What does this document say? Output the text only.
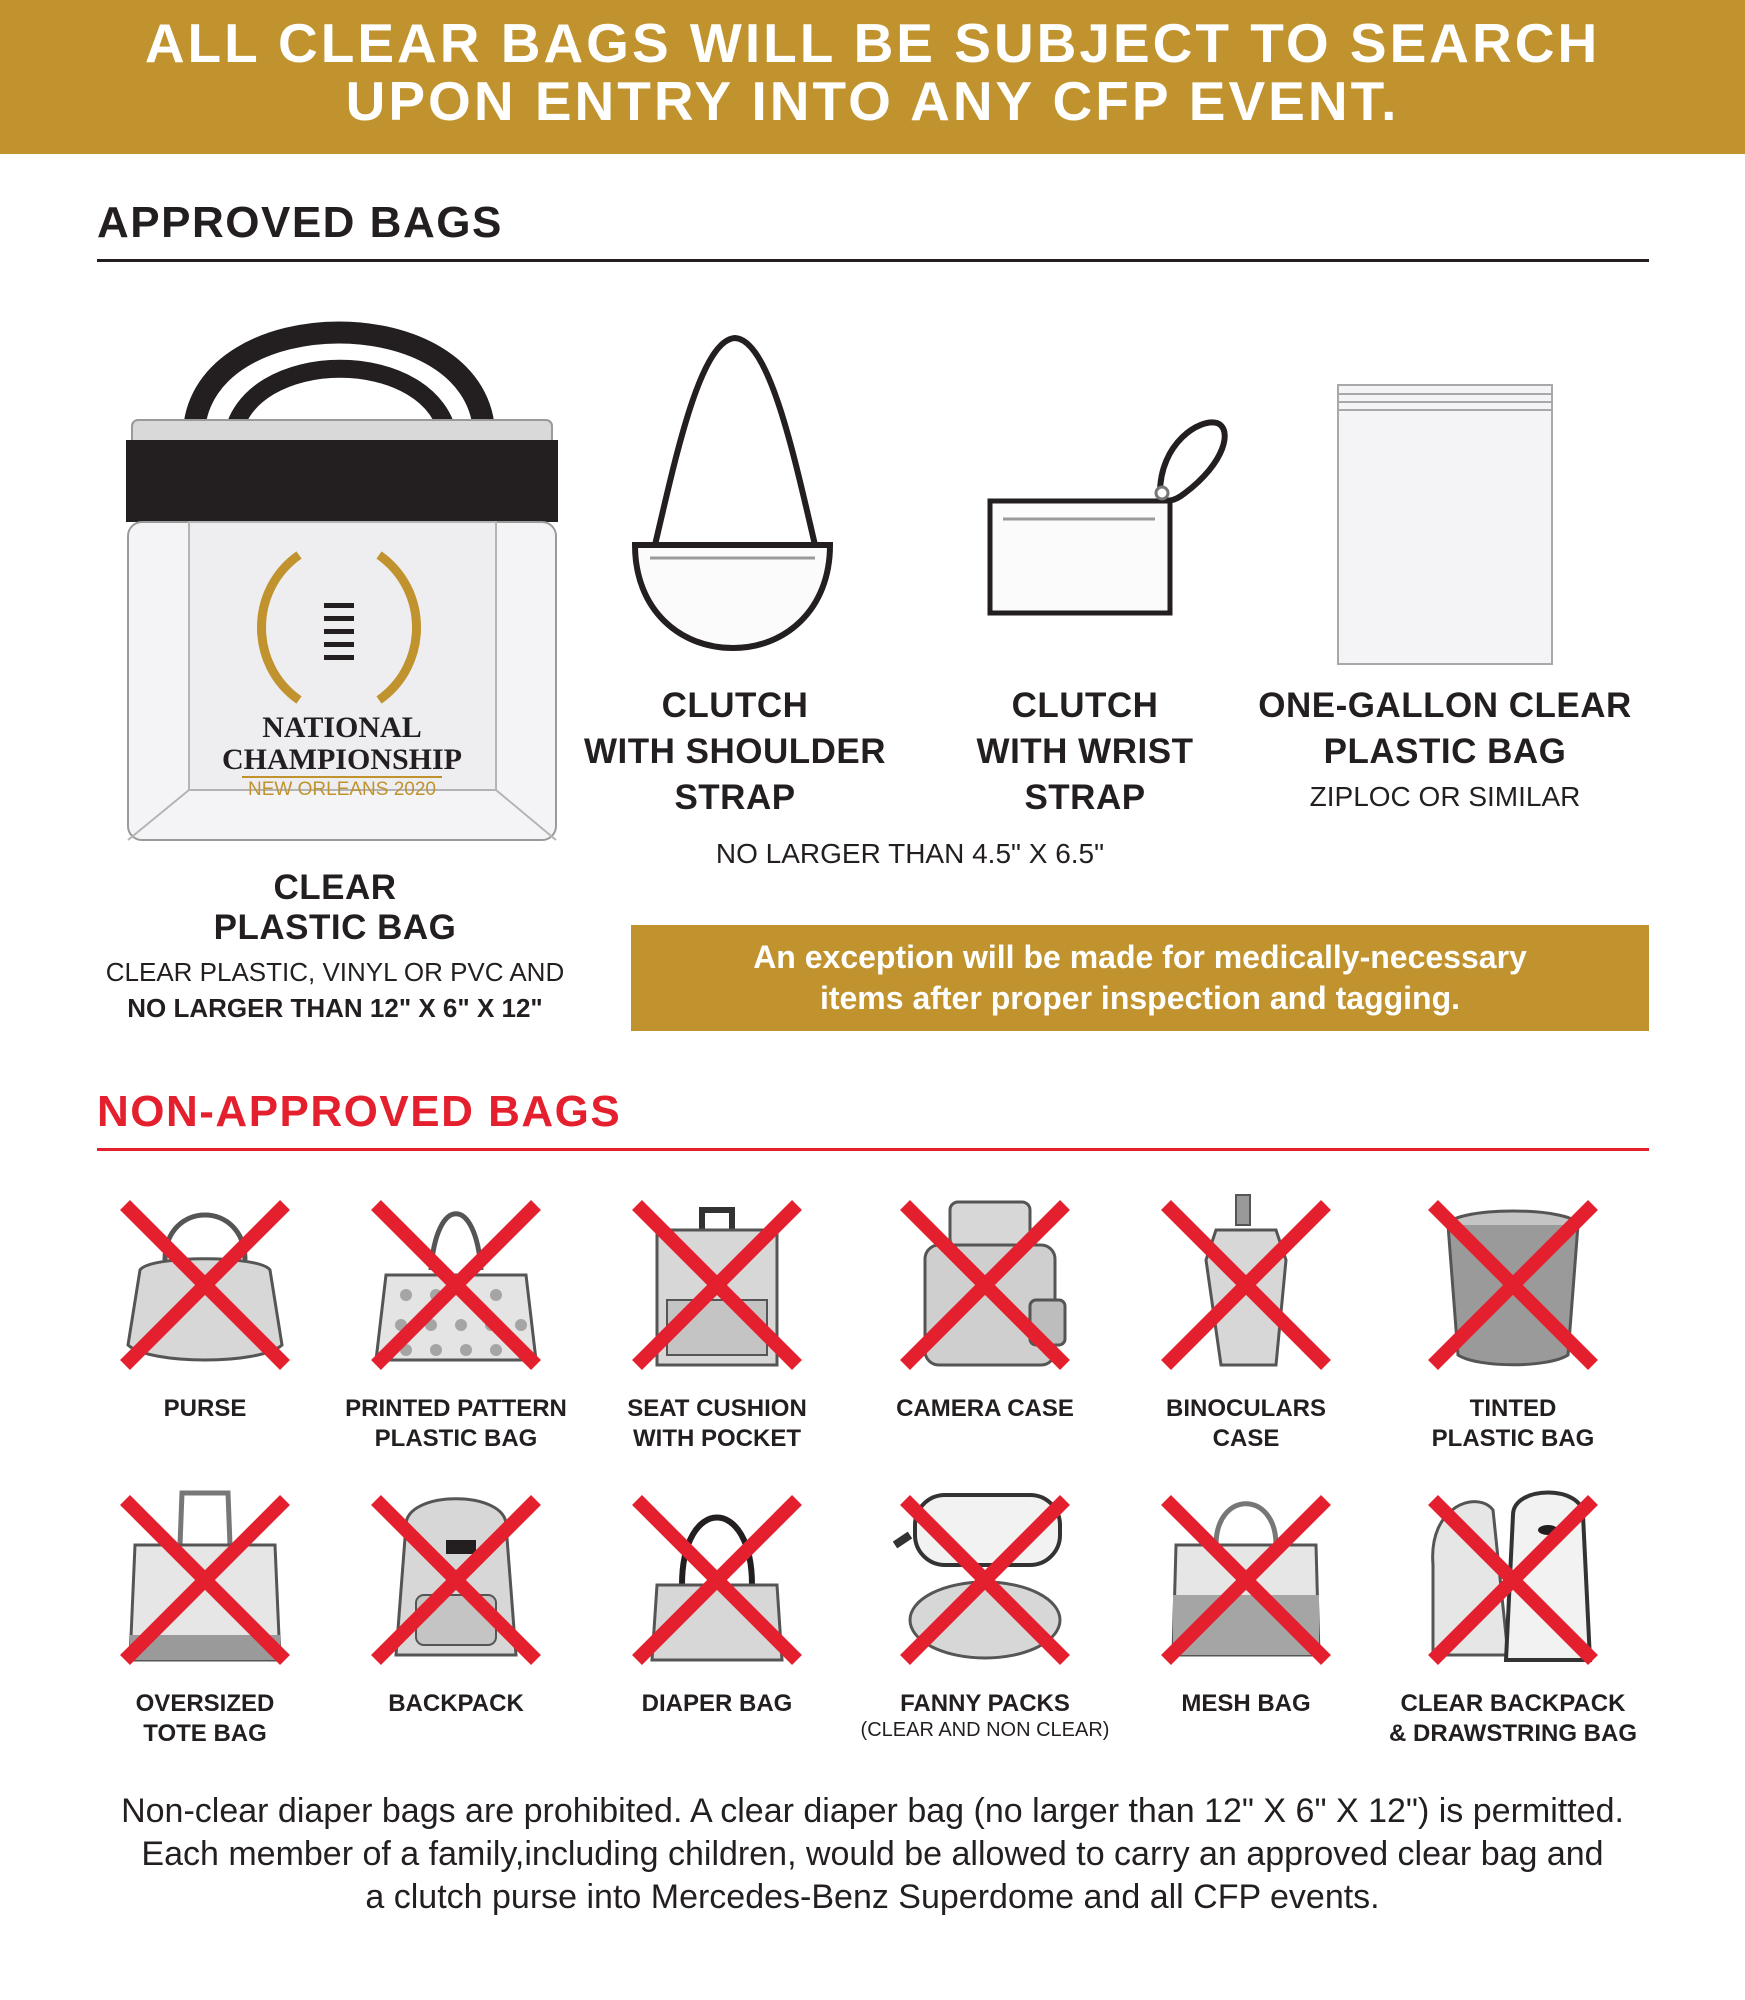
ALL CLEAR BAGS WILL BE SUBJECT TO SEARCH
UPON ENTRY INTO ANY CFP EVENT.
APPROVED BAGS
NATIONAL
CHAMPIONSHIP
NEW ORLEANS 2020
CLEAR
PLASTIC BAG
CLEAR PLASTIC, VINYL OR PVC AND
NO LARGER THAN 12" X 6" X 12"
CLUTCH
WITH SHOULDER
STRAP
CLUTCH
WITH WRIST
STRAP
NO LARGER THAN 4.5" X 6.5"
ONE-GALLON CLEAR
PLASTIC BAG
ZIPLOC OR SIMILAR
An exception will be made for medically-necessary
items after proper inspection and tagging.
NON-APPROVED BAGS
PURSE	PRINTED PATTERN
PLASTIC BAG
SEAT CUSHION
WITH POCKET
CAMERA CASE	BINOCULARS
CASE
TINTED
PLASTIC BAG
OVERSIZED
TOTE BAG
BACKPACK	DIAPER BAG	FANNY PACKS
(CLEAR AND NON CLEAR)
MESH BAG	CLEAR BACKPACK
& DRAWSTRING BAG
Non-clear diaper bags are prohibited. A clear diaper bag (no larger than 12" X 6" X 12") is permitted.
Each member of a family,including children, would be allowed to carry an approved clear bag and
a clutch purse into Mercedes-Benz Superdome and all CFP events.
